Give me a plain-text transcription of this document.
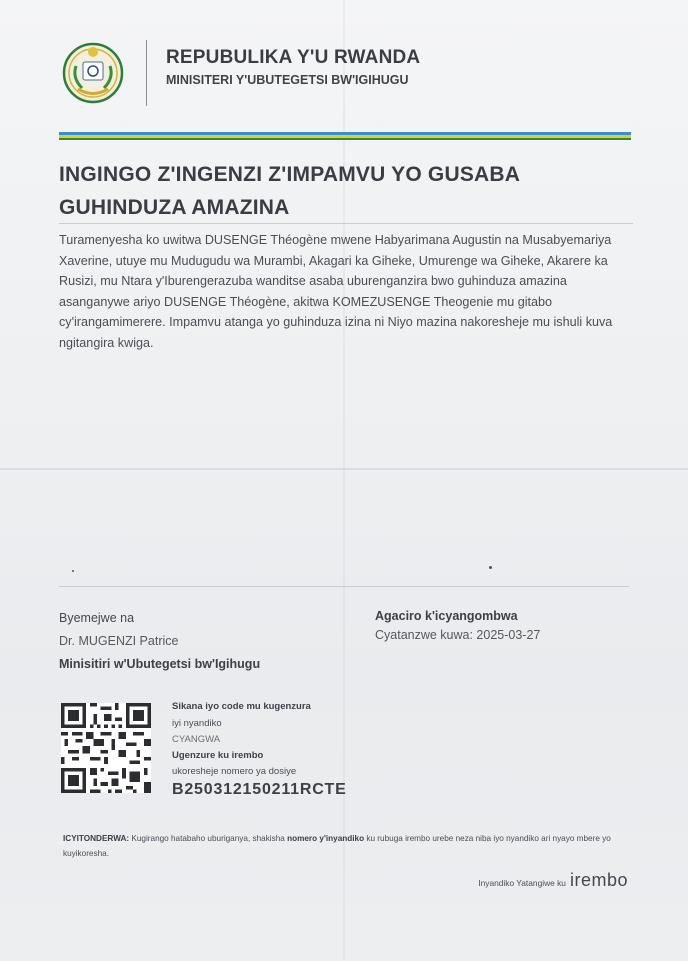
REPUBULIKA Y'U RWANDA
MINISITERI Y'UBUTEGETSI BW'IGIHUGU
INGINGO Z'INGENZI Z'IMPAMVU YO GUSABA GUHINDUZA AMAZINA
Turamenyesha ko uwitwa DUSENGE Théogène mwene Habyarimana Augustin na Musabyemariya Xaverine, utuye mu Mudugudu wa Murambi, Akagari ka Giheke, Umurenge wa Giheke, Akarere ka Rusizi, mu Ntara y'Iburengerazuba wanditse asaba uburenganzira bwo guhinduza amazina asanganywe ariyo DUSENGE Théogène, akitwa KOMEZUSENGE Theogenie mu gitabo cy'irangamimerere. Impamvu atanga yo guhinduza izina ni Niyo mazina nakoresheje mu ishuli kuva ngitangira kwiga.
Byemejwe na
Dr. MUGENZI Patrice
Minisitiri w'Ubutegetsi bw'Igihugu
Agaciro k'icyangombwa
Cyatanzwe kuwa: 2025-03-27
Sikana iyo code mu kugenzura
iyi nyandiko
CYANGWA
Ugenzure ku irembo
ukoresheje nomero ya dosiye
B250312150211RCTE
ICYITONDERWA: Kugirango hatabaho uburiganya, shakisha nomero y'inyandiko ku rubuga irembo urebe neza niba iyo nyandiko ari nyayo mbere yo kuyikoresha.
Inyandiko Yatangiwe ku irembo
